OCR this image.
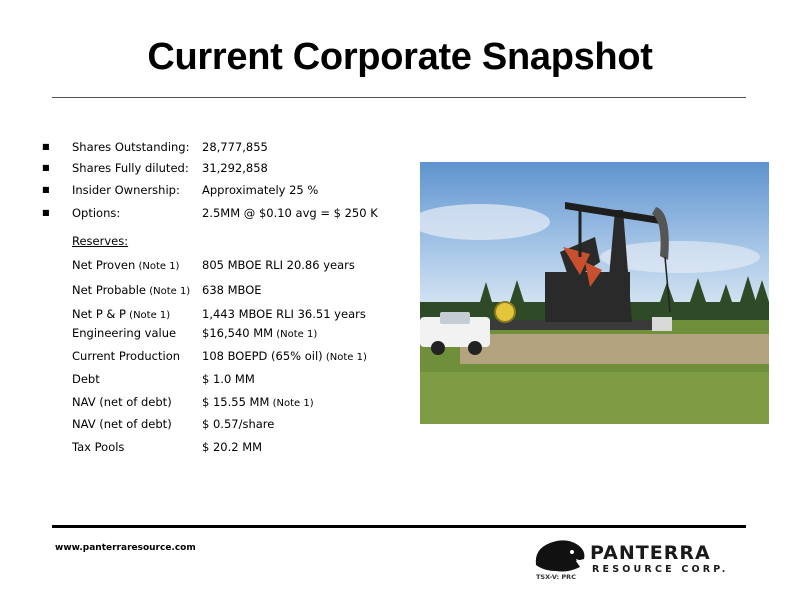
Current Corporate Snapshot
■ Shares Outstanding: 28,777,855
■ Shares Fully diluted: 31,292,858
■ Insider Ownership: Approximately 25 %
■ Options:	2.5MM @ $0.10 avg = $ 250 K
Reserves:
Net Proven (Note 1) 805 MBOE RLI 20.86 years
Net Probable (Note 1) 638 MBOE
Net P & P (Note 1)	1,443 MBOE RLI 36.51 years
Engineering value $16,540 MM (Note 1)
Current Production 108 BOEPD (65% oil) (Note 1)
Debt	$ 1.0 MM
NAV (net of debt)	$ 15.55 MM (Note 1)
NAV (net of debt)	$ 0.57/share
Tax Pools	$ 20.2 MM
www.panterraresource.com	PANTERRA
RESOURCE CORP.
TSX-V: PRC
